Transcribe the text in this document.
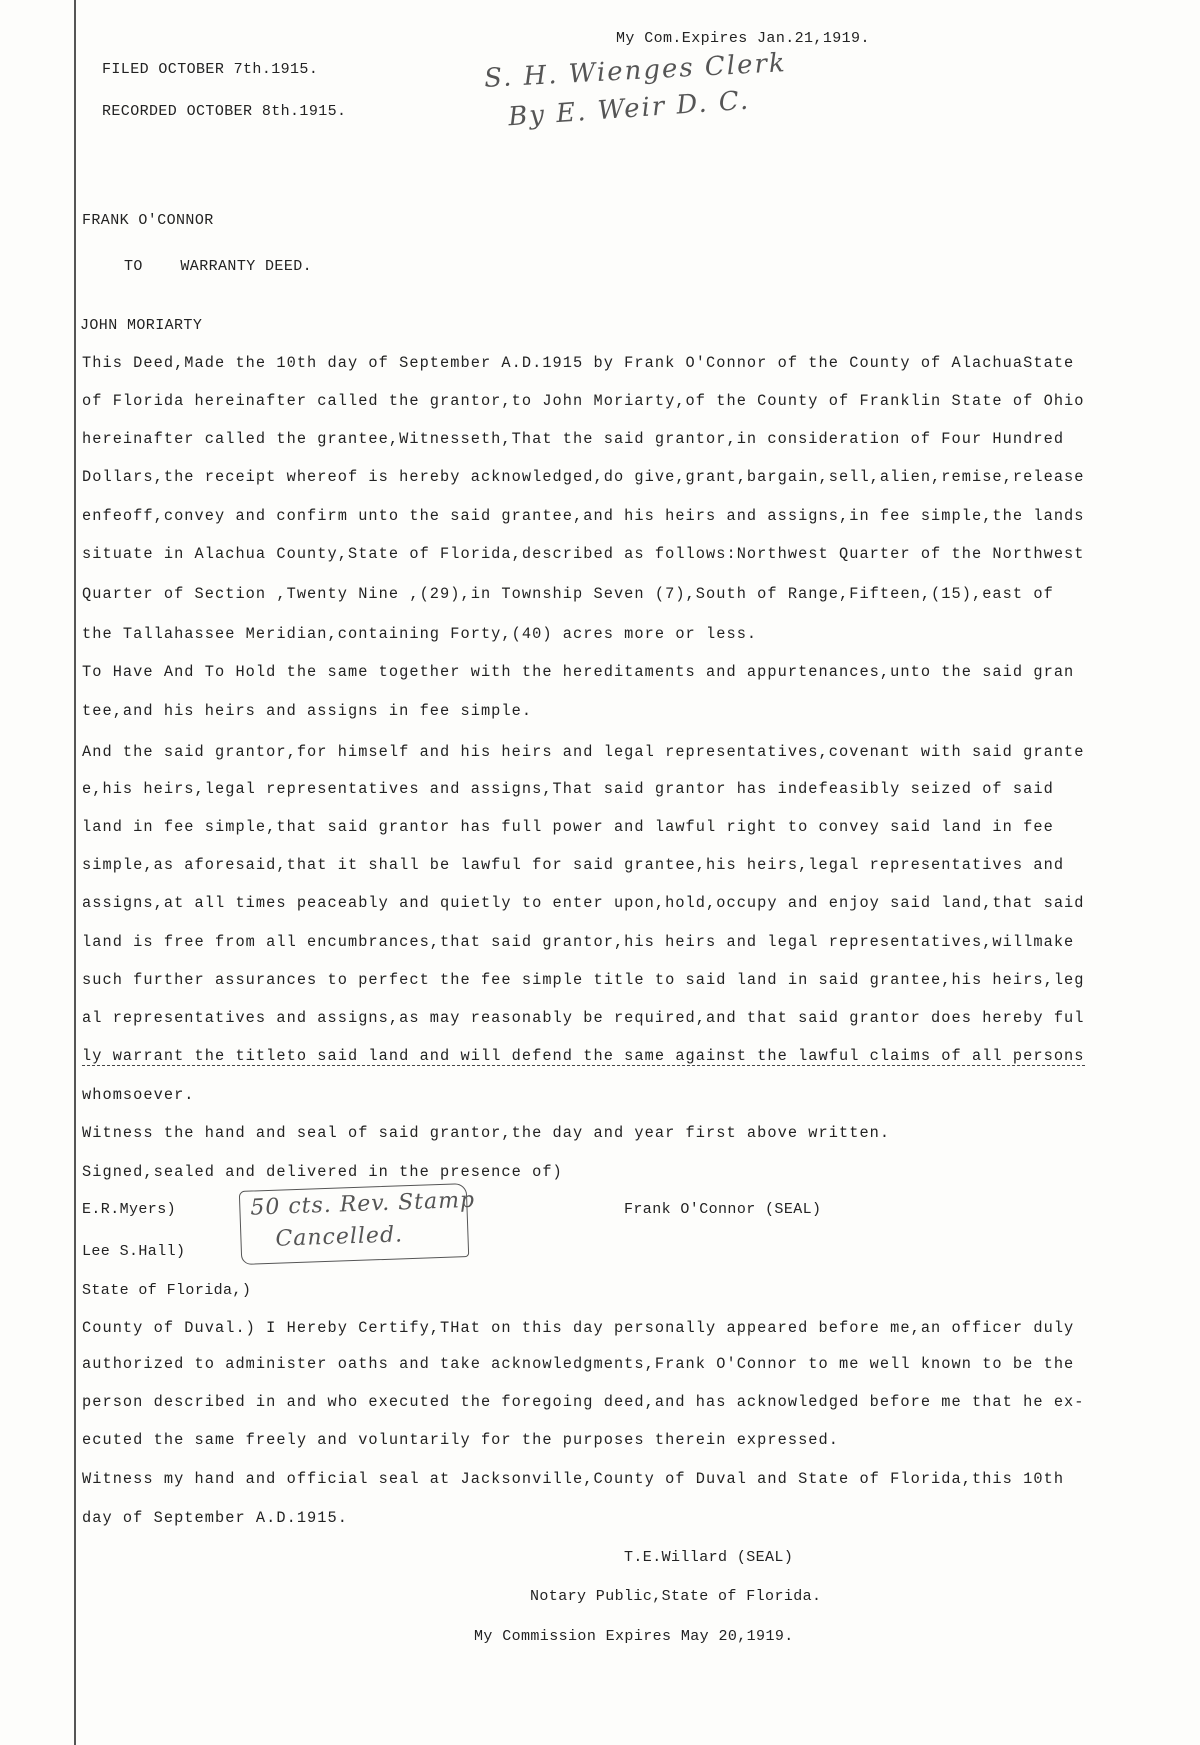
My Com.Expires Jan.21,1919.
FILED OCTOBER 7th.1915.
RECORDED OCTOBER 8th.1915.
S. H. Wienges Clerk
By E. Weir D. C.
FRANK O'CONNOR
TO    WARRANTY DEED.
JOHN MORIARTY
This Deed,Made the 10th day of September A.D.1915 by Frank O'Connor of the County of AlachuaState
of Florida hereinafter called the grantor,to John Moriarty,of the County of Franklin State of Ohio
hereinafter called the grantee,Witnesseth,That the said grantor,in consideration of Four Hundred
Dollars,the receipt whereof is hereby acknowledged,do give,grant,bargain,sell,alien,remise,release
enfeoff,convey and confirm unto the said grantee,and his heirs and assigns,in fee simple,the lands
situate in Alachua County,State of Florida,described as follows:Northwest Quarter of the Northwest
Quarter of Section ,Twenty Nine ,(29),in Township Seven (7),South of Range,Fifteen,(15),east of
the Tallahassee Meridian,containing Forty,(40) acres more or less.
To Have And To Hold the same together with the hereditaments and appurtenances,unto the said gran
tee,and his heirs and assigns in fee simple.
And the said grantor,for himself and his heirs and legal representatives,covenant with said grante
e,his heirs,legal representatives and assigns,That said grantor has indefeasibly seized of said
land in fee simple,that said grantor has full power and lawful right to convey said land in fee
simple,as aforesaid,that it shall be lawful for said grantee,his heirs,legal representatives and
assigns,at all times peaceably and quietly to enter upon,hold,occupy and enjoy said land,that said
land is free from all encumbrances,that said grantor,his heirs and legal representatives,willmake
such further assurances to perfect the fee simple title to said land in said grantee,his heirs,leg
al representatives and assigns,as may reasonably be required,and that said grantor does hereby ful
ly warrant the titleto said land and will defend the same against the lawful claims of all persons
whomsoever.
Witness the hand and seal of said grantor,the day and year first above written.
Signed,sealed and delivered in the presence of)
E.R.Myers)
Lee S.Hall)
Frank O'Connor (SEAL)
50 cts. Rev. Stamp
Cancelled.
State of Florida,)
County of Duval.) I Hereby Certify,THat on this day personally appeared before me,an officer duly
authorized to administer oaths and take acknowledgments,Frank O'Connor to me well known to be the
person described in and who executed the foregoing deed,and has acknowledged before me that he ex-
ecuted the same freely and voluntarily for the purposes therein expressed.
Witness my hand and official seal at Jacksonville,County of Duval and State of Florida,this 10th
day of September A.D.1915.
T.E.Willard (SEAL)
Notary Public,State of Florida.
My Commission Expires May 20,1919.
